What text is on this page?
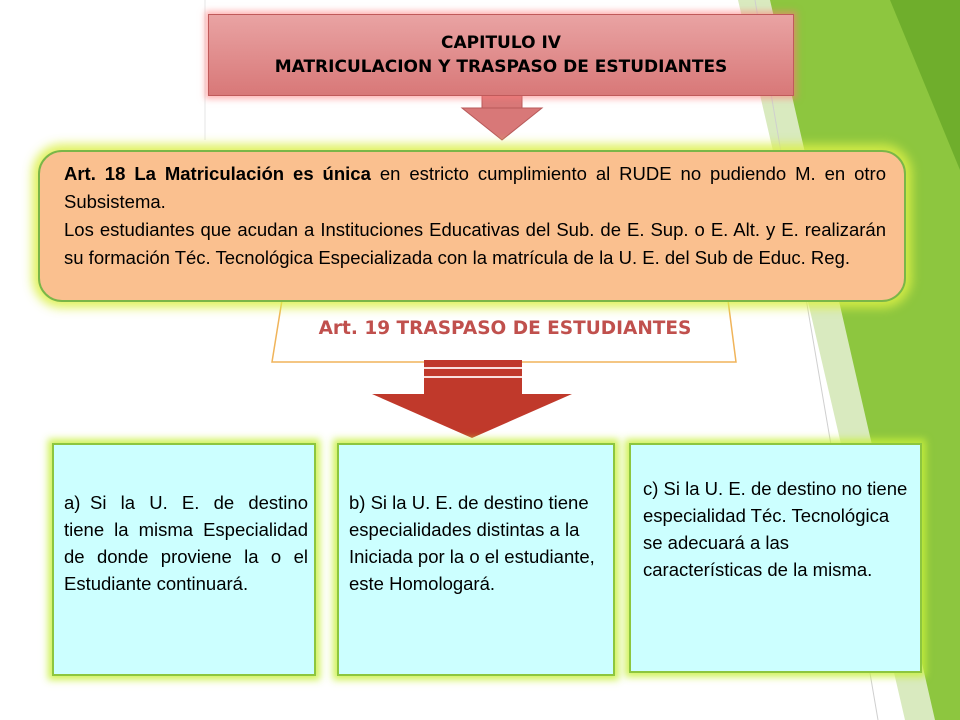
CAPITULO IV
MATRICULACION Y TRASPASO DE ESTUDIANTES

Art. 18 La Matriculación es única en estricto cumplimiento al RUDE no pudiendo M. en otro Subsistema.

Los estudiantes que acudan a Instituciones Educativas del Sub. de E. Sup. o E. Alt. y E. realizarán su formación Téc. Tecnológica Especializada con la matrícula de la U. E. del Sub de Educ. Reg.

Art. 19 TRASPASO DE ESTUDIANTES
a) Si la U. E. de destino tiene la misma Especialidad de donde proviene la o el Estudiante continuará.
b) Si la U. E. de destino tiene especialidades distintas a la Iniciada por la o el estudiante, este Homologará.
c) Si la U. E. de destino no tiene especialidad Téc. Tecnológica se adecuará a las características de la misma.
